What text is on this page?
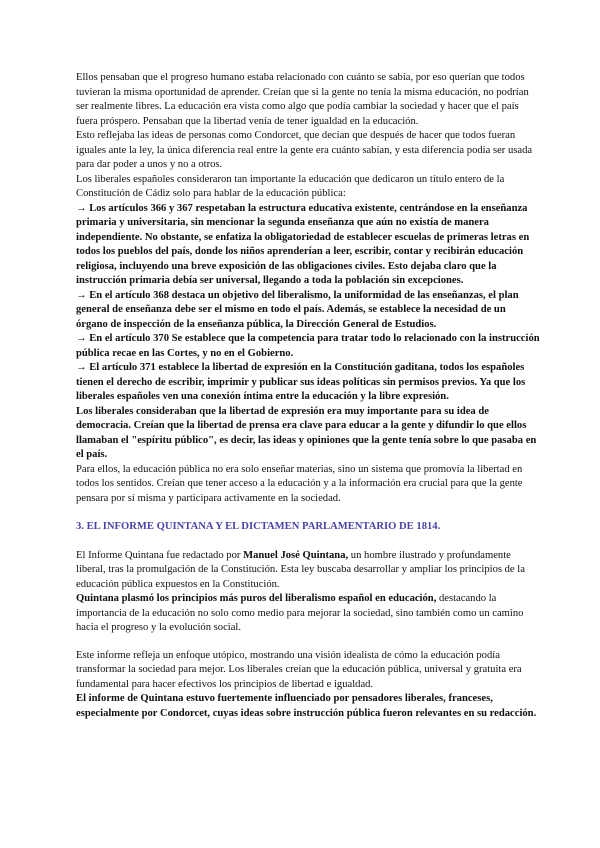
Ellos pensaban que el progreso humano estaba relacionado con cuánto se sabía, por eso querían que todos tuvieran la misma oportunidad de aprender. Creían que si la gente no tenía la misma educación, no podrían ser realmente libres. La educación era vista como algo que podía cambiar la sociedad y hacer que el país fuera próspero. Pensaban que la libertad venía de tener igualdad en la educación.

Esto reflejaba las ideas de personas como Condorcet, que decían que después de hacer que todos fueran iguales ante la ley, la única diferencia real entre la gente era cuánto sabían, y esta diferencia podía ser usada para dar poder a unos y no a otros.

Los liberales españoles consideraron tan importante la educación que dedicaron un título entero de la Constitución de Cádiz solo para hablar de la educación pública:

→ Los artículos 366 y 367 respetaban la estructura educativa existente, centrándose en la enseñanza primaria y universitaria, sin mencionar la segunda enseñanza que aún no existía de manera independiente. No obstante, se enfatiza la obligatoriedad de establecer escuelas de primeras letras en todos los pueblos del país, donde los niños aprenderían a leer, escribir, contar y recibirán educación religiosa, incluyendo una breve exposición de las obligaciones civiles. Esto dejaba claro que la instrucción primaria debía ser universal, llegando a toda la población sin excepciones.

→ En el artículo 368 destaca un objetivo del liberalismo, la uniformidad de las enseñanzas, el plan general de enseñanza debe ser el mismo en todo el país. Además, se establece la necesidad de un órgano de inspección de la enseñanza pública, la Dirección General de Estudios.

→ En el artículo 370 Se establece que la competencia para tratar todo lo relacionado con la instrucción pública recae en las Cortes, y no en el Gobierno.

→ El artículo 371 establece la libertad de expresión en la Constitución gaditana, todos los españoles tienen el derecho de escribir, imprimir y publicar sus ideas políticas sin permisos previos. Ya que los liberales españoles ven una conexión íntima entre la educación y la libre expresión.

Los liberales consideraban que la libertad de expresión era muy importante para su idea de democracia. Creían que la libertad de prensa era clave para educar a la gente y difundir lo que ellos llamaban el "espíritu público", es decir, las ideas y opiniones que la gente tenía sobre lo que pasaba en el país.

Para ellos, la educación pública no era solo enseñar materias, sino un sistema que promovía la libertad en todos los sentidos. Creían que tener acceso a la educación y a la información era crucial para que la gente pensara por sí misma y participara activamente en la sociedad.

3. EL INFORME QUINTANA Y EL DICTAMEN PARLAMENTARIO DE 1814.

El Informe Quintana fue redactado por Manuel José Quintana, un hombre ilustrado y profundamente liberal, tras la promulgación de la Constitución. Esta ley buscaba desarrollar y ampliar los principios de la educación pública expuestos en la Constitución.

Quintana plasmó los principios más puros del liberalismo español en educación, destacando la importancia de la educación no solo como medio para mejorar la sociedad, sino también como un camino hacia el progreso y la evolución social.

Este informe refleja un enfoque utópico, mostrando una visión idealista de cómo la educación podía transformar la sociedad para mejor. Los liberales creían que la educación pública, universal y gratuita era fundamental para hacer efectivos los principios de libertad e igualdad.

El informe de Quintana estuvo fuertemente influenciado por pensadores liberales, franceses, especialmente por Condorcet, cuyas ideas sobre instrucción pública fueron relevantes en su redacción.
